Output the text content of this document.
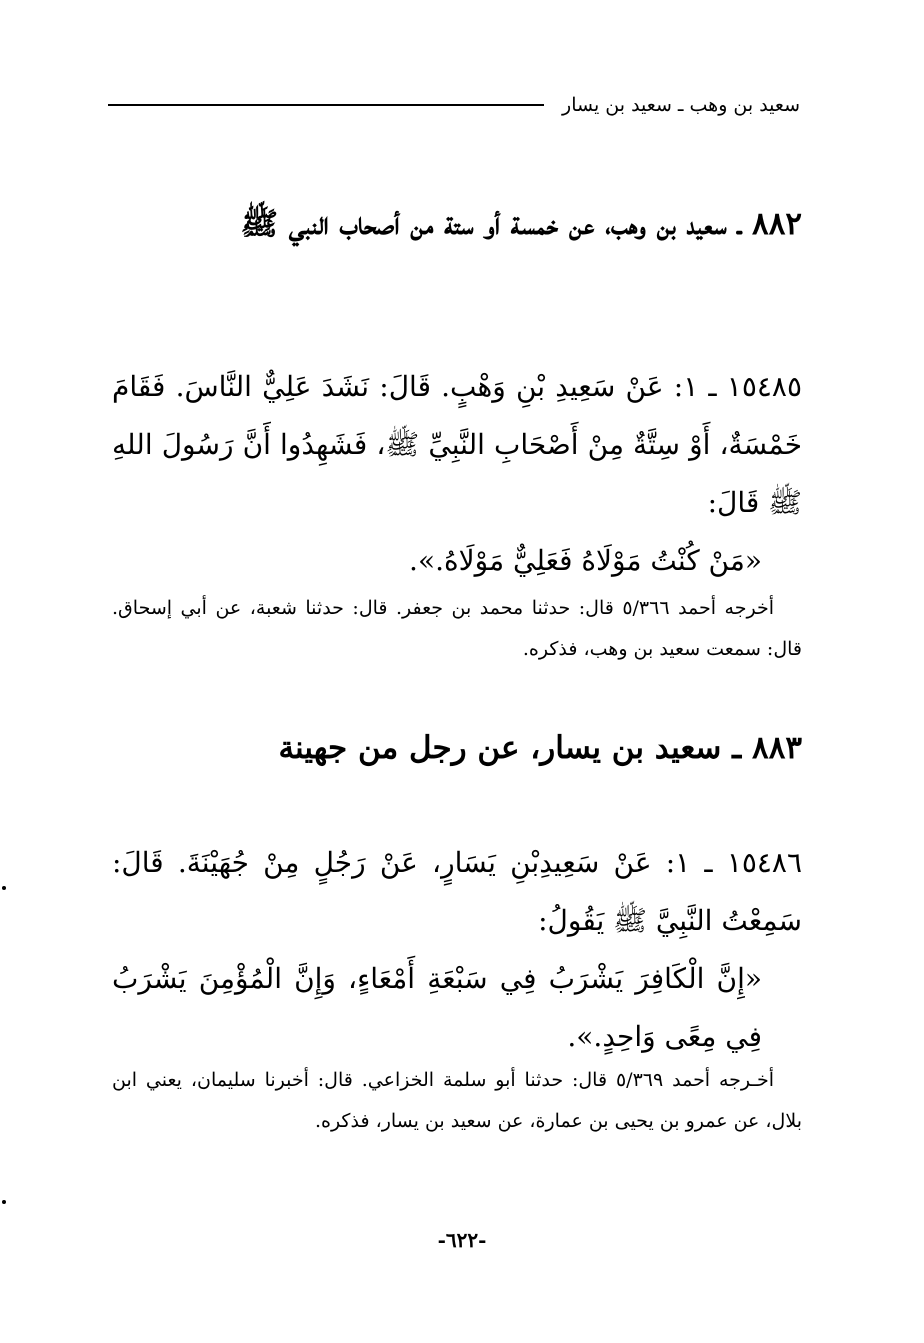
سعيد بن وهب ـ سعيد بن يسار
٨٨٢ ـ سعيد بن وهب، عن خمسة أو ستة من أصحاب النبي ﷺ
١٥٤٨٥ ـ ١: عَنْ سَعِيدِ بْنِ وَهْبٍ. قَالَ: نَشَدَ عَلِيٌّ النَّاسَ. فَقَامَ خَمْسَةٌ، أَوْ سِتَّةٌ مِنْ أَصْحَابِ النَّبِيِّ ﷺ، فَشَهِدُوا أَنَّ رَسُولَ اللهِ ﷺ قَالَ:
«مَنْ كُنْتُ مَوْلَاهُ فَعَلِيٌّ مَوْلَاهُ.».
أخرجه أحمد ٥/٣٦٦ قال: حدثنا محمد بن جعفر. قال: حدثنا شعبة، عن أبي إسحاق. قال: سمعت سعيد بن وهب، فذكره.
٨٨٣ ـ سعيد بن يسار، عن رجل من جهينة
١٥٤٨٦ ـ ١: عَنْ سَعِيدِبْنِ يَسَارٍ، عَنْ رَجُلٍ مِنْ جُهَيْنَةَ. قَالَ: سَمِعْتُ النَّبِيَّ ﷺ يَقُولُ:
«إِنَّ الْكَافِرَ يَشْرَبُ فِي سَبْعَةِ أَمْعَاءٍ، وَإِنَّ الْمُؤْمِنَ يَشْرَبُ فِي مِعًى وَاحِدٍ.».
أخـرجه أحمد ٥/٣٦٩ قال: حدثنا أبو سلمة الخزاعي. قال: أخبرنا سليمان، يعني ابن بلال، عن عمرو بن يحيى بن عمارة، عن سعيد بن يسار، فذكره.
-٦٢٢-
